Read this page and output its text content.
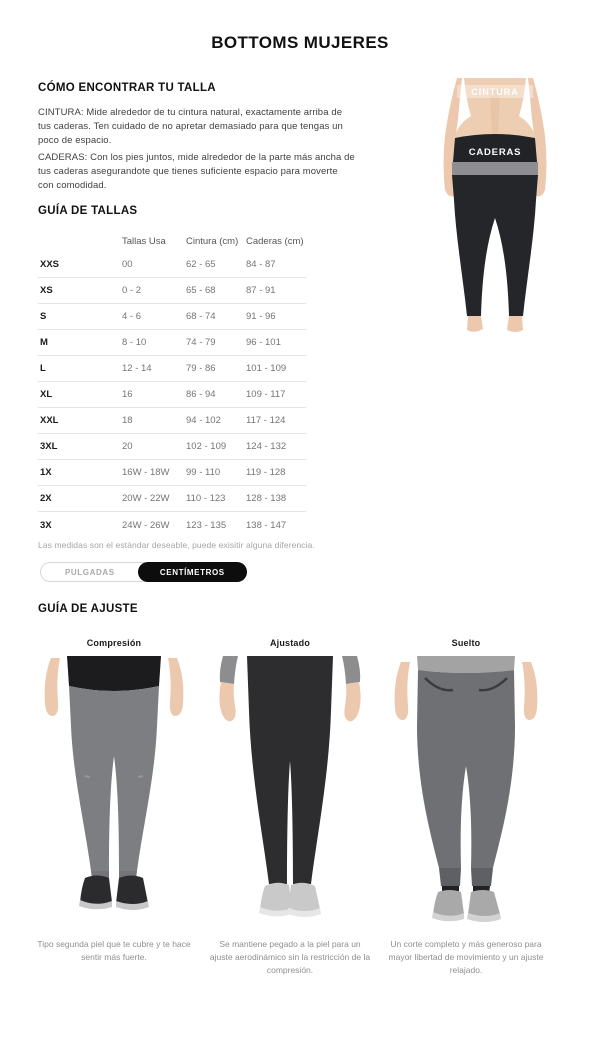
BOTTOMS MUJERES
CÓMO ENCONTRAR TU TALLA

CINTURA: Mide alrededor de tu cintura natural, exactamente arriba de tus caderas. Ten cuidado de no apretar demasiado para que tengas un poco de espacio.

CADERAS: Con los pies juntos, mide alrededor de la parte más ancha de tus caderas asegurandote que tienes suficiente espacio para moverte con comodidad.

CINTURA
CADERAS
GUÍA DE TALLAS
Tallas Usa	Cintura (cm) Caderas (cm)
XXS	00	62 - 65	84 - 87
XS	0 - 2	65 - 68	87 - 91
S	4 - 6	68 - 74	91 - 96
M	8 - 10	74 - 79	96 - 101
L	12 - 14	79 - 86	101 - 109
XL	16	86 - 94	109 - 117
XXL	18	94 - 102	117 - 124
3XL	20	102 - 109	124 - 132
1X	16W - 18W	99 - 110	119 - 128
2X	20W - 22W	110 - 123	128 - 138
3X	24W - 26W	123 - 135	138 - 147
Las medidas son el estándar deseable, puede exisitir alguna diferencia.
PULGADAS	CENTÍMETROS
GUÍA DE AJUSTE
Compresión
Tipo segunda piel que te cubre y te hace sentir más fuerte.
Ajustado
Se mantiene pegado a la piel para un ajuste aerodinámico sin la restricción de la compresión.
Suelto
Un corte completo y más generoso para mayor libertad de movimiento y un ajuste relajado.
